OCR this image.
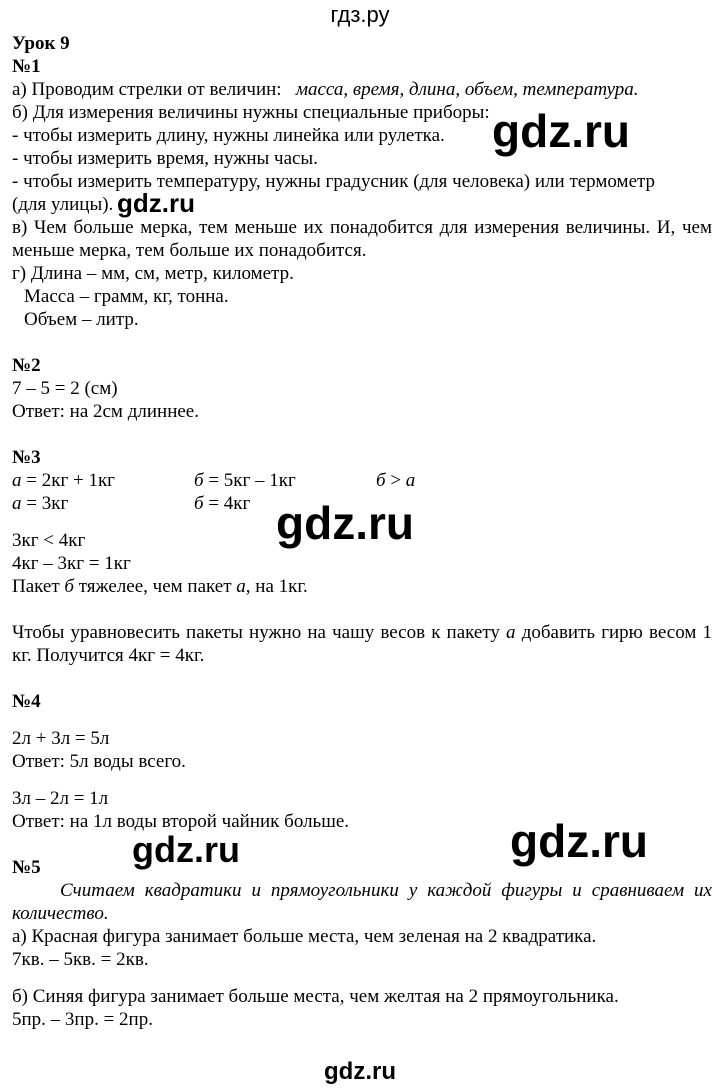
гдз.ру
Урок 9
№1
а) Проводим стрелки от величин: масса, время, длина, объем, температура.
б) Для измерения величины нужны специальные приборы:
- чтобы измерить длину, нужны линейка или рулетка.
- чтобы измерить время, нужны часы.
- чтобы измерить температуру, нужны градусник (для человека) или термометр
(для улицы).
в) Чем больше мерка, тем меньше их понадобится для измерения величины. И, чем меньше мерка, тем больше их понадобится.
г) Длина – мм, см, метр, километр.
Масса – грамм, кг, тонна.
Объем – литр.
№2
7 – 5 = 2 (см)
Ответ: на 2см длиннее.
№3
а = 2кг + 1кг	б = 5кг – 1кг	б > а
а = 3кг	б = 4кг
3кг < 4кг
4кг – 3кг = 1кг
Пакет б тяжелее, чем пакет а, на 1кг.
Чтобы уравновесить пакеты нужно на чашу весов к пакету а добавить гирю весом 1 кг. Получится 4кг = 4кг.
№4
2л + 3л = 5л
Ответ: 5л воды всего.
3л – 2л = 1л
Ответ: на 1л воды второй чайник больше.
№5
Считаем квадратики и прямоугольники у каждой фигуры и сравниваем их количество.
а) Красная фигура занимает больше места, чем зеленая на 2 квадратика.
7кв. – 5кв. = 2кв.
б) Синяя фигура занимает больше места, чем желтая на 2 прямоугольника.
5пр. – 3пр. = 2пр.
gdz.ru
gdz.ru
gdz.ru
gdz.ru	gdz.ru
gdz.ru
